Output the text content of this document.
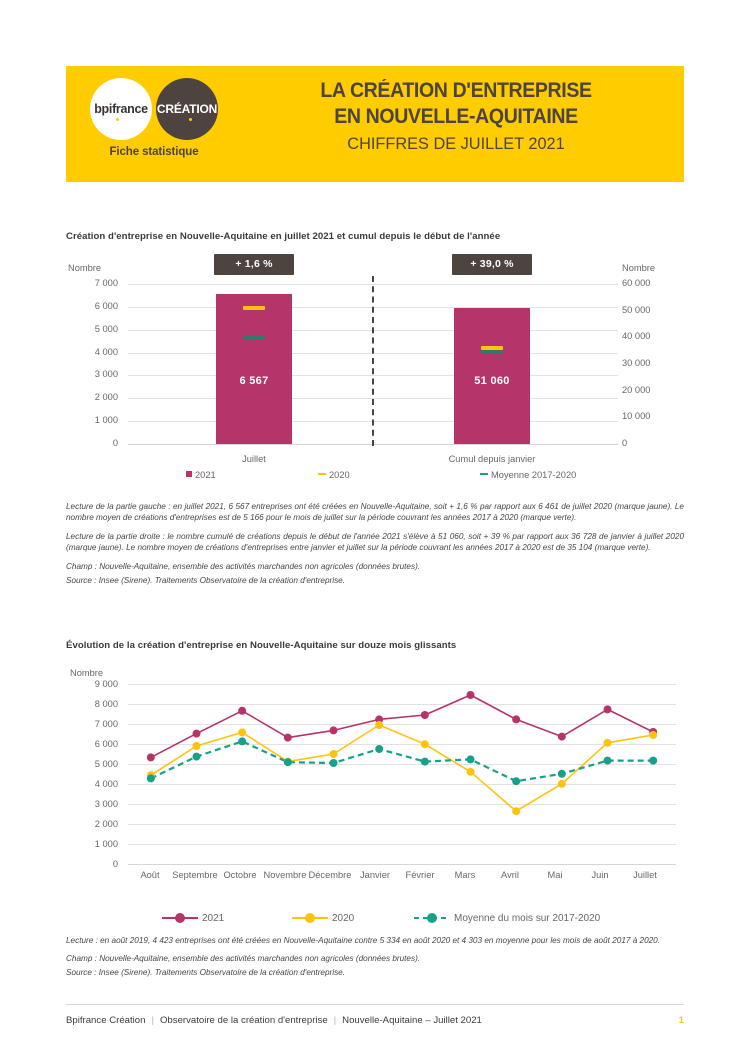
bpifrance CRÉATION
Fiche statistique
LA CRÉATION D'ENTREPRISE
EN NOUVELLE-AQUITAINE
CHIFFRES DE JUILLET 2021
Création d'entreprise en Nouvelle-Aquitaine en juillet 2021 et cumul depuis le début de l'année
Nombre	Nombre
7 000
6 000
5 000
4 000
3 000
2 000
1 000
0
60 000
50 000
40 000
30 000
20 000
10 000
0
6 567
+ 1,6 %
51 060
+ 39,0 %
Juillet	Cumul depuis janvier
2021	2020	Moyenne 2017-2020
Lecture de la partie gauche : en juillet 2021, 6 567 entreprises ont été créées en Nouvelle-Aquitaine, soit + 1,6 % par rapport aux 6 461 de juillet 2020 (marque jaune). Le nombre moyen de créations d'entreprises est de 5 166 pour le mois de juillet sur la période couvrant les années 2017 à 2020 (marque verte).
Lecture de la partie droite : le nombre cumulé de créations depuis le début de l'année 2021 s'élève à 51 060, soit + 39 % par rapport aux 36 728 de janvier à juillet 2020 (marque jaune). Le nombre moyen de créations d'entreprises entre janvier et juillet sur la période couvrant les années 2017 à 2020 est de 35 104 (marque verte).
Champ : Nouvelle-Aquitaine, ensemble des activités marchandes non agricoles (données brutes).
Source : Insee (Sirene). Traitements Observatoire de la création d'entreprise.
Évolution de la création d'entreprise en Nouvelle-Aquitaine sur douze mois glissants
Nombre
9 000
8 000
7 000
6 000
5 000
4 000
3 000
2 000
1 000
0
Août	Septembre Octobre Novembre Décembre Janvier	Février	Mars	Avril	Mai	Juin	Juillet
2021	2020	Moyenne du mois sur 2017-2020
Lecture : en août 2019, 4 423 entreprises ont été créées en Nouvelle-Aquitaine contre 5 334 en août 2020 et 4 303 en moyenne pour les mois de août 2017 à 2020.
Champ : Nouvelle-Aquitaine, ensemble des activités marchandes non agricoles (données brutes).
Source : Insee (Sirene). Traitements Observatoire de la création d'entreprise.
Bpifrance Création | Observatoire de la création d'entreprise | Nouvelle-Aquitaine – Juillet 2021	1
